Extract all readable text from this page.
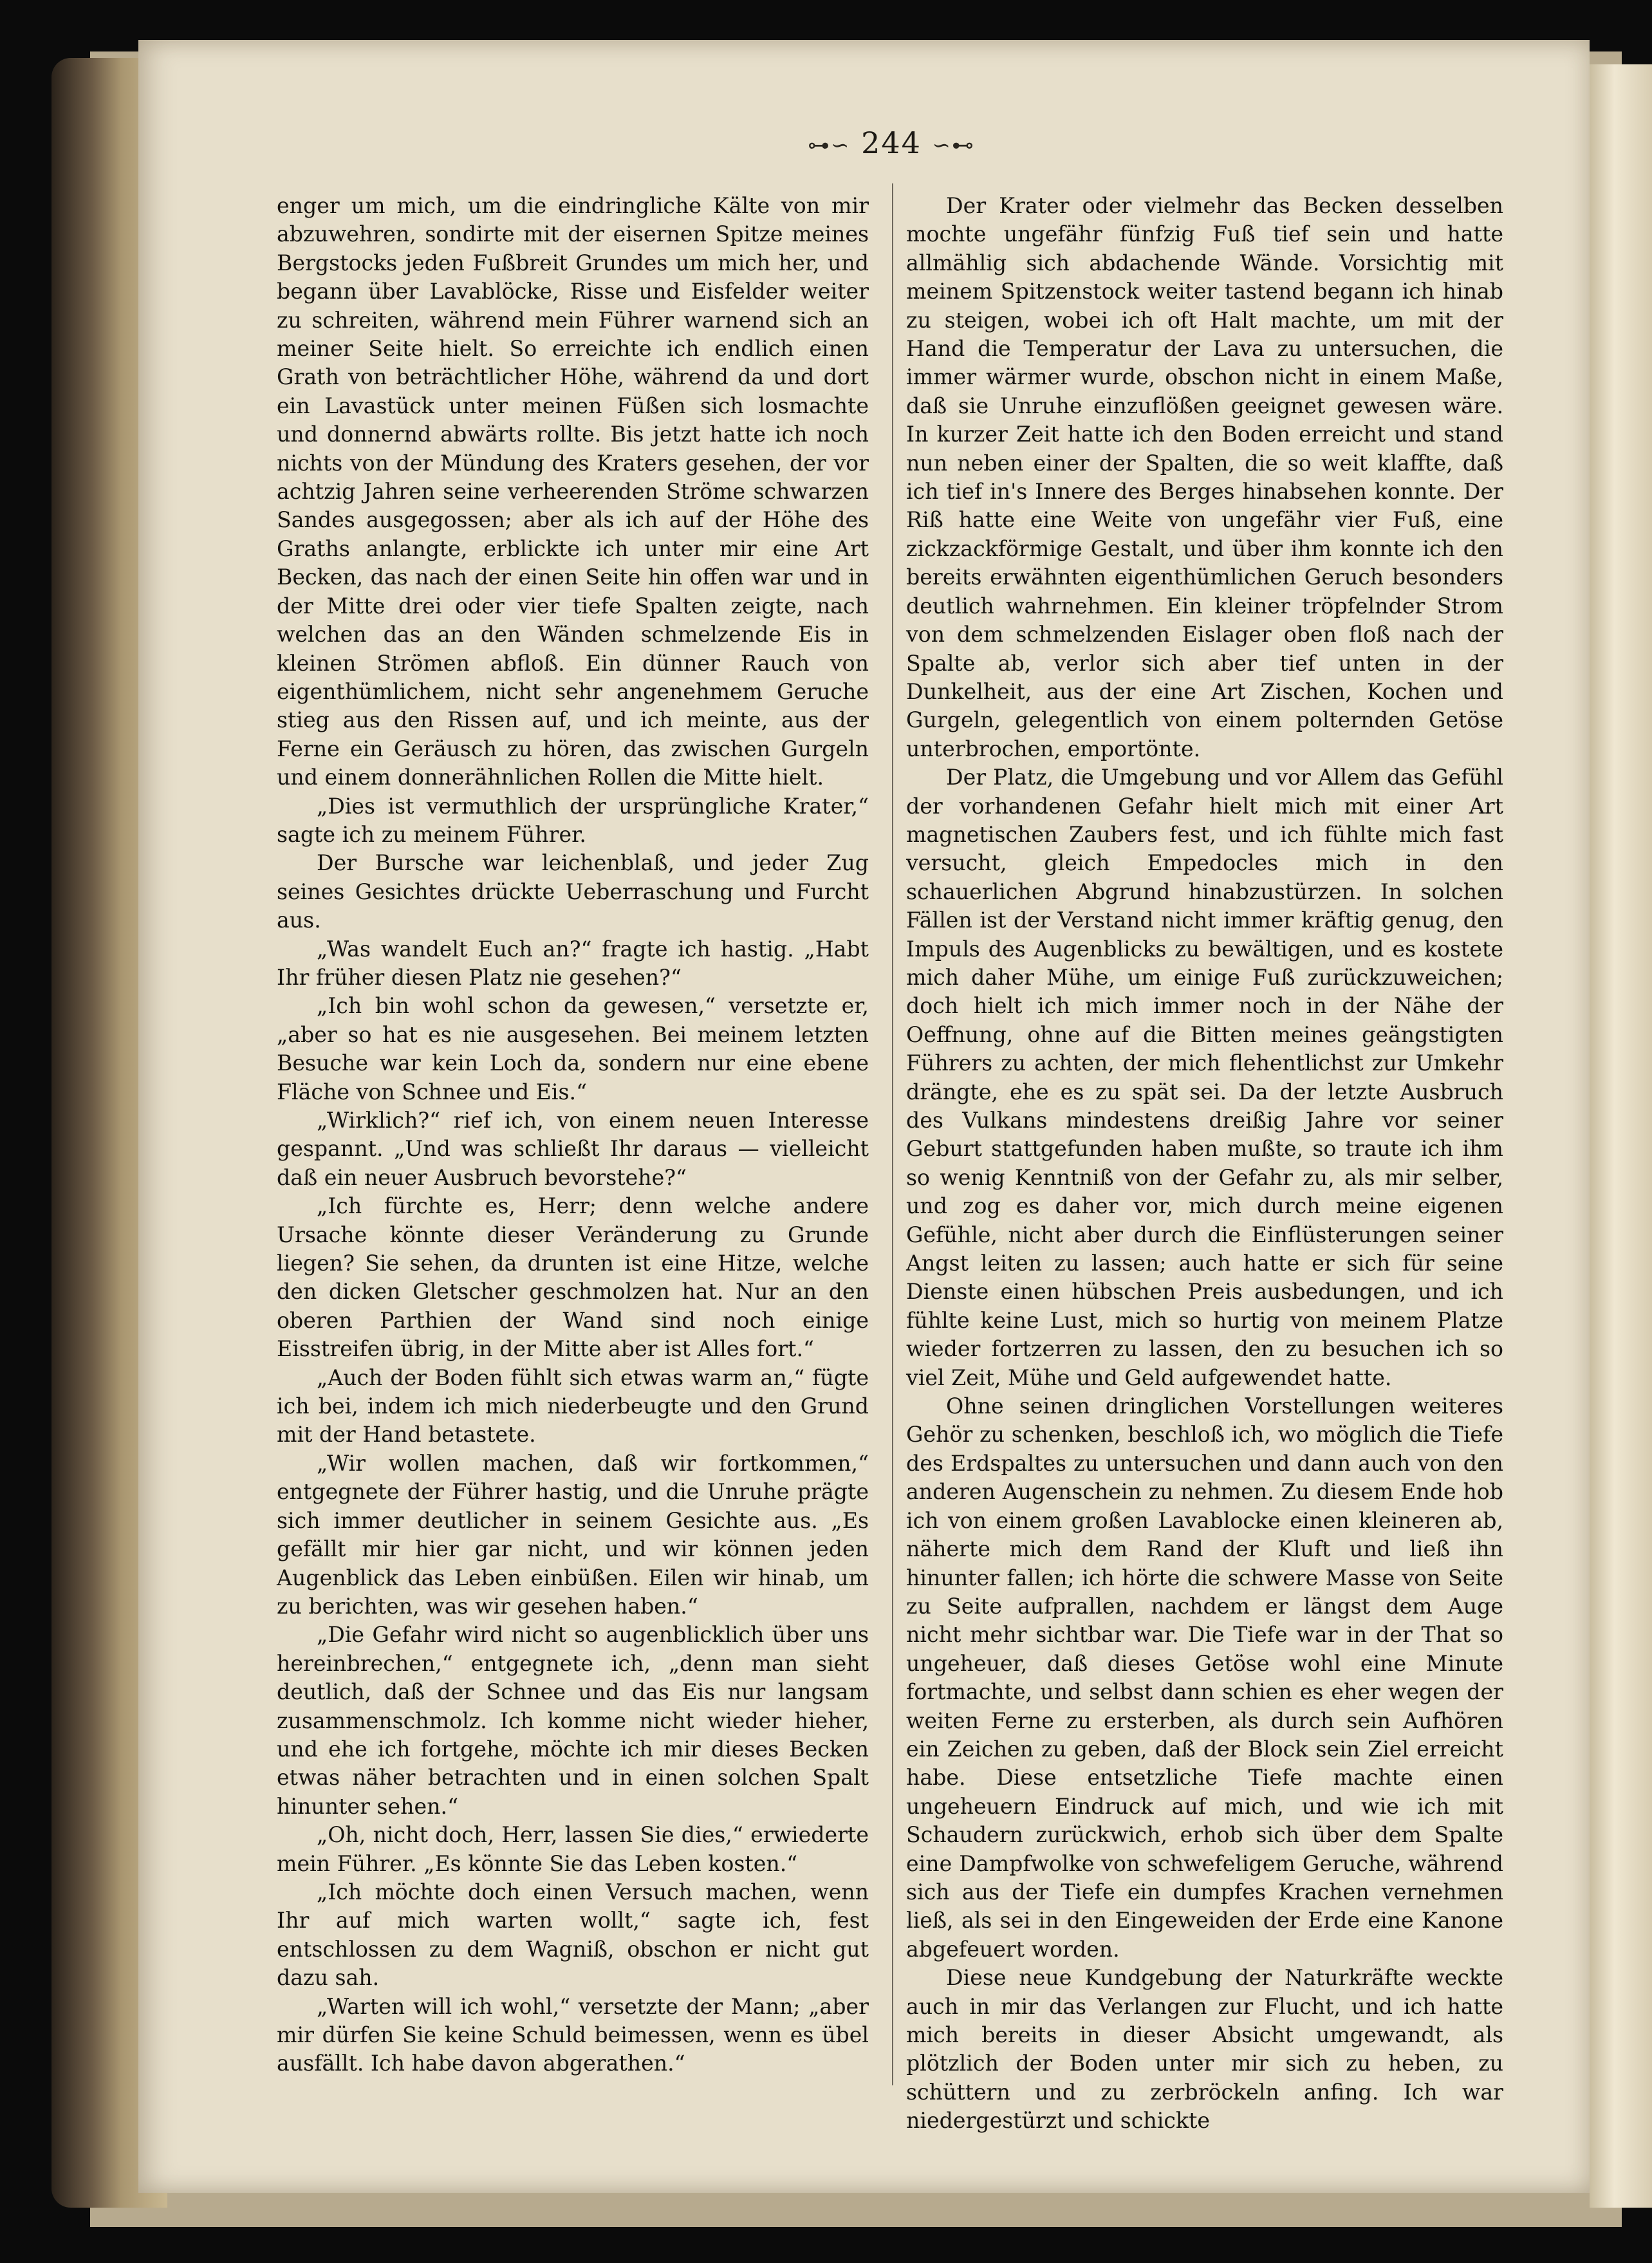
⊶∽ 244 ∽⊷

enger um mich, um die eindringliche Kälte von mir abzuwehren, sondirte mit der eisernen Spitze meines Bergstocks jeden Fußbreit Grundes um mich her, und begann über Lavablöcke, Risse und Eisfelder weiter zu schreiten, während mein Führer warnend sich an meiner Seite hielt. So erreichte ich endlich einen Grath von beträchtlicher Höhe, während da und dort ein Lavastück unter meinen Füßen sich losmachte und donnernd abwärts rollte. Bis jetzt hatte ich noch nichts von der Mündung des Kraters gesehen, der vor achtzig Jahren seine verheerenden Ströme schwarzen Sandes ausgegossen; aber als ich auf der Höhe des Graths anlangte, erblickte ich unter mir eine Art Becken, das nach der einen Seite hin offen war und in der Mitte drei oder vier tiefe Spalten zeigte, nach welchen das an den Wänden schmelzende Eis in kleinen Strömen abfloß. Ein dünner Rauch von eigenthümlichem, nicht sehr angenehmem Geruche stieg aus den Rissen auf, und ich meinte, aus der Ferne ein Geräusch zu hören, das zwischen Gurgeln und einem donnerähnlichen Rollen die Mitte hielt.

„Dies ist vermuthlich der ursprüngliche Krater,“ sagte ich zu meinem Führer.

Der Bursche war leichenblaß, und jeder Zug seines Gesichtes drückte Ueberraschung und Furcht aus.

„Was wandelt Euch an?“ fragte ich hastig. „Habt Ihr früher diesen Platz nie gesehen?“

„Ich bin wohl schon da gewesen,“ versetzte er, „aber so hat es nie ausgesehen. Bei meinem letzten Besuche war kein Loch da, sondern nur eine ebene Fläche von Schnee und Eis.“

„Wirklich?“ rief ich, von einem neuen Interesse gespannt. „Und was schließt Ihr daraus — vielleicht daß ein neuer Ausbruch bevorstehe?“

„Ich fürchte es, Herr; denn welche andere Ursache könnte dieser Veränderung zu Grunde liegen? Sie sehen, da drunten ist eine Hitze, welche den dicken Gletscher geschmolzen hat. Nur an den oberen Parthien der Wand sind noch einige Eisstreifen übrig, in der Mitte aber ist Alles fort.“

„Auch der Boden fühlt sich etwas warm an,“ fügte ich bei, indem ich mich niederbeugte und den Grund mit der Hand betastete.

„Wir wollen machen, daß wir fortkommen,“ entgegnete der Führer hastig, und die Unruhe prägte sich immer deutlicher in seinem Gesichte aus. „Es gefällt mir hier gar nicht, und wir können jeden Augenblick das Leben einbüßen. Eilen wir hinab, um zu berichten, was wir gesehen haben.“

„Die Gefahr wird nicht so augenblicklich über uns hereinbrechen,“ entgegnete ich, „denn man sieht deutlich, daß der Schnee und das Eis nur langsam zusammenschmolz. Ich komme nicht wieder hieher, und ehe ich fortgehe, möchte ich mir dieses Becken etwas näher betrachten und in einen solchen Spalt hinunter sehen.“

„Oh, nicht doch, Herr, lassen Sie dies,“ erwiederte mein Führer. „Es könnte Sie das Leben kosten.“

„Ich möchte doch einen Versuch machen, wenn Ihr auf mich warten wollt,“ sagte ich, fest entschlossen zu dem Wagniß, obschon er nicht gut dazu sah.

„Warten will ich wohl,“ versetzte der Mann; „aber mir dürfen Sie keine Schuld beimessen, wenn es übel ausfällt. Ich habe davon abgerathen.“

Der Krater oder vielmehr das Becken desselben mochte ungefähr fünfzig Fuß tief sein und hatte allmählig sich abdachende Wände. Vorsichtig mit meinem Spitzenstock weiter tastend begann ich hinab zu steigen, wobei ich oft Halt machte, um mit der Hand die Temperatur der Lava zu untersuchen, die immer wärmer wurde, obschon nicht in einem Maße, daß sie Unruhe einzuflößen geeignet gewesen wäre. In kurzer Zeit hatte ich den Boden erreicht und stand nun neben einer der Spalten, die so weit klaffte, daß ich tief in's Innere des Berges hinabsehen konnte. Der Riß hatte eine Weite von ungefähr vier Fuß, eine zickzackförmige Gestalt, und über ihm konnte ich den bereits erwähnten eigenthümlichen Geruch besonders deutlich wahrnehmen. Ein kleiner tröpfelnder Strom von dem schmelzenden Eislager oben floß nach der Spalte ab, verlor sich aber tief unten in der Dunkelheit, aus der eine Art Zischen, Kochen und Gurgeln, gelegentlich von einem polternden Getöse unterbrochen, emportönte.

Der Platz, die Umgebung und vor Allem das Gefühl der vorhandenen Gefahr hielt mich mit einer Art magnetischen Zaubers fest, und ich fühlte mich fast versucht, gleich Empedocles mich in den schauerlichen Abgrund hinabzustürzen. In solchen Fällen ist der Verstand nicht immer kräftig genug, den Impuls des Augenblicks zu bewältigen, und es kostete mich daher Mühe, um einige Fuß zurückzuweichen; doch hielt ich mich immer noch in der Nähe der Oeffnung, ohne auf die Bitten meines geängstigten Führers zu achten, der mich flehentlichst zur Umkehr drängte, ehe es zu spät sei. Da der letzte Ausbruch des Vulkans mindestens dreißig Jahre vor seiner Geburt stattgefunden haben mußte, so traute ich ihm so wenig Kenntniß von der Gefahr zu, als mir selber, und zog es daher vor, mich durch meine eigenen Gefühle, nicht aber durch die Einflüsterungen seiner Angst leiten zu lassen; auch hatte er sich für seine Dienste einen hübschen Preis ausbedungen, und ich fühlte keine Lust, mich so hurtig von meinem Platze wieder fortzerren zu lassen, den zu besuchen ich so viel Zeit, Mühe und Geld aufgewendet hatte.

Ohne seinen dringlichen Vorstellungen weiteres Gehör zu schenken, beschloß ich, wo möglich die Tiefe des Erdspaltes zu untersuchen und dann auch von den anderen Augenschein zu nehmen. Zu diesem Ende hob ich von einem großen Lavablocke einen kleineren ab, näherte mich dem Rand der Kluft und ließ ihn hinunter fallen; ich hörte die schwere Masse von Seite zu Seite aufprallen, nachdem er längst dem Auge nicht mehr sichtbar war. Die Tiefe war in der That so ungeheuer, daß dieses Getöse wohl eine Minute fortmachte, und selbst dann schien es eher wegen der weiten Ferne zu ersterben, als durch sein Aufhören ein Zeichen zu geben, daß der Block sein Ziel erreicht habe. Diese entsetzliche Tiefe machte einen ungeheuern Eindruck auf mich, und wie ich mit Schaudern zurückwich, erhob sich über dem Spalte eine Dampfwolke von schwefeligem Geruche, während sich aus der Tiefe ein dumpfes Krachen vernehmen ließ, als sei in den Eingeweiden der Erde eine Kanone abgefeuert worden.

Diese neue Kundgebung der Naturkräfte weckte auch in mir das Verlangen zur Flucht, und ich hatte mich bereits in dieser Absicht umgewandt, als plötzlich der Boden unter mir sich zu heben, zu schüttern und zu zerbröckeln anfing. Ich war niedergestürzt und schickte
